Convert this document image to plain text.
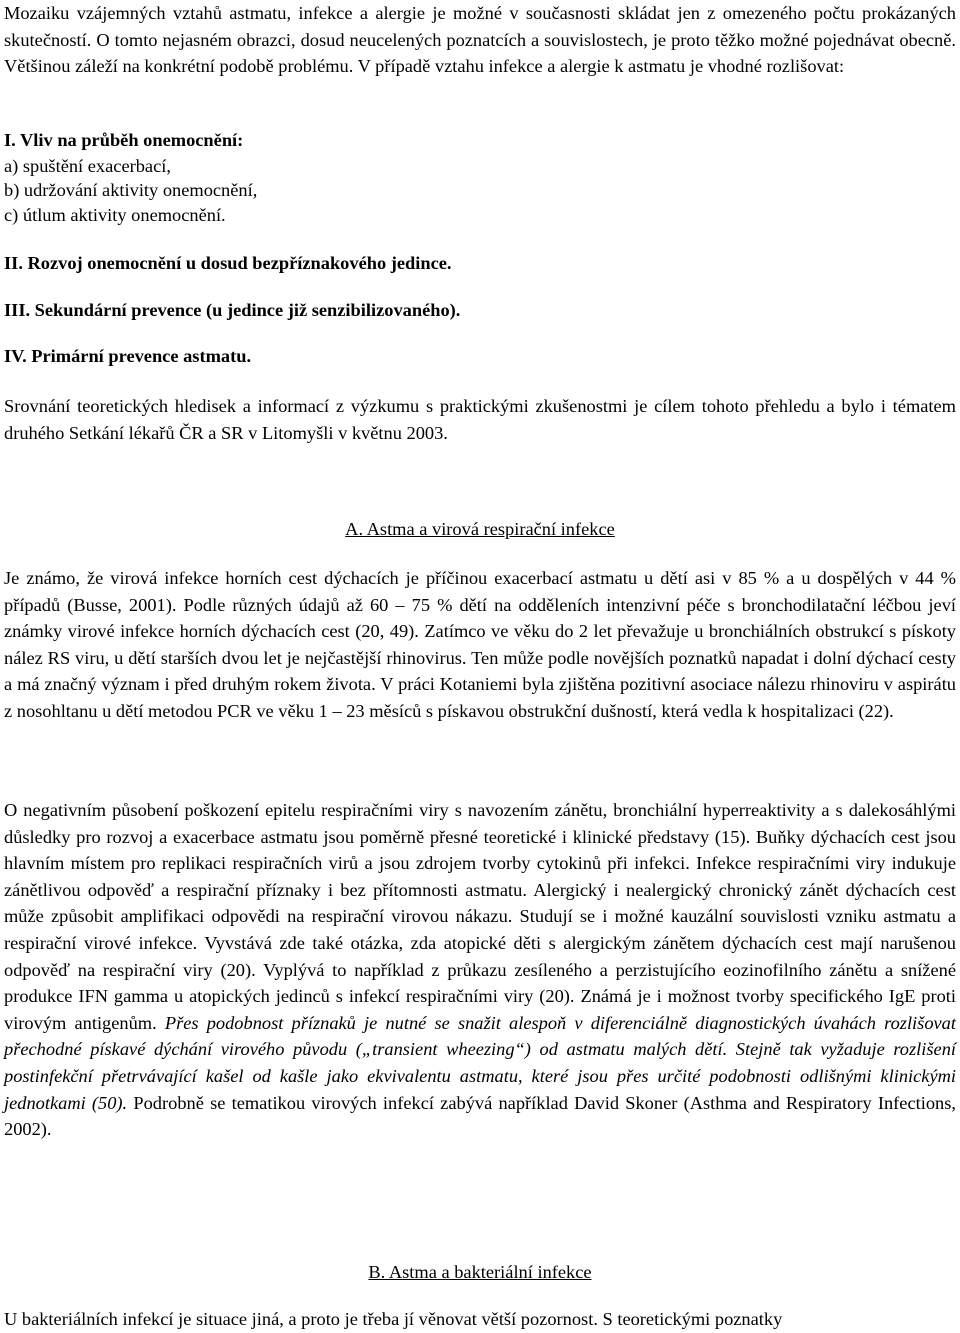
Mozaiku vzájemných vztahů astmatu, infekce a alergie je možné v současnosti skládat jen z omezeného počtu prokázaných skutečností. O tomto nejasném obrazci, dosud neucelených poznatcích a souvislostech, je proto těžko možné pojednávat obecně. Většinou záleží na konkrétní podobě problému. V případě vztahu infekce a alergie k astmatu je vhodné rozlišovat:
I. Vliv na průběh onemocnění:
a) spuštění exacerbací,
b) udržování aktivity onemocnění,
c) útlum aktivity onemocnění.
II. Rozvoj onemocnění u dosud bezpříznakového jedince.
III. Sekundární prevence (u jedince již senzibilizovaného).
IV. Primární prevence astmatu.
Srovnání teoretických hledisek a informací z výzkumu s praktickými zkušenostmi je cílem tohoto přehledu a bylo i tématem druhého Setkání lékařů ČR a SR v Litomyšli v květnu 2003.
A. Astma a virová respirační infekce
Je známo, že virová infekce horních cest dýchacích je příčinou exacerbací astmatu u dětí asi v 85 % a u dospělých v 44 % případů (Busse, 2001). Podle různých údajů až 60 – 75 % dětí na odděleních intenzivní péče s bronchodilatační léčbou jeví známky virové infekce horních dýchacích cest (20, 49). Zatímco ve věku do 2 let převažuje u bronchiálních obstrukcí s pískoty nález RS viru, u dětí starších dvou let je nejčastější rhinovirus. Ten může podle novějších poznatků napadat i dolní dýchací cesty a má značný význam i před druhým rokem života. V práci Kotaniemi byla zjištěna pozitivní asociace nálezu rhinoviru v aspirátu z nosohltanu u dětí metodou PCR ve věku 1 – 23 měsíců s pískavou obstrukční dušností, která vedla k hospitalizaci (22).
O negativním působení poškození epitelu respiračními viry s navozením zánětu, bronchiální hyperreaktivity a s dalekosáhlými důsledky pro rozvoj a exacerbace astmatu jsou poměrně přesné teoretické i klinické představy (15). Buňky dýchacích cest jsou hlavním místem pro replikaci respiračních virů a jsou zdrojem tvorby cytokinů při infekci. Infekce respiračními viry indukuje zánětlivou odpověď a respirační příznaky i bez přítomnosti astmatu. Alergický i nealergický chronický zánět dýchacích cest může způsobit amplifikaci odpovědi na respirační virovou nákazu. Studují se i možné kauzální souvislosti vzniku astmatu a respirační virové infekce. Vyvstává zde také otázka, zda atopické děti s alergickým zánětem dýchacích cest mají narušenou odpověď na respirační viry (20). Vyplývá to například z průkazu zesíleného a perzistujícího eozinofilního zánětu a snížené produkce IFN gamma u atopických jedinců s infekcí respiračními viry (20). Známá je i možnost tvorby specifického IgE proti virovým antigenům. Přes podobnost příznaků je nutné se snažit alespoň v diferenciálně diagnostických úvahách rozlišovat přechodné pískavé dýchání virového původu („transient wheezing“) od astmatu malých dětí. Stejně tak vyžaduje rozlišení postinfekční přetrvávající kašel od kašle jako ekvivalentu astmatu, které jsou přes určité podobnosti odlišnými klinickými jednotkami (50). Podrobně se tematikou virových infekcí zabývá například David Skoner (Asthma and Respiratory Infections, 2002).
B. Astma a bakteriální infekce
U bakteriálních infekcí je situace jiná, a proto je třeba jí věnovat větší pozornost. S teoretickými poznatky
